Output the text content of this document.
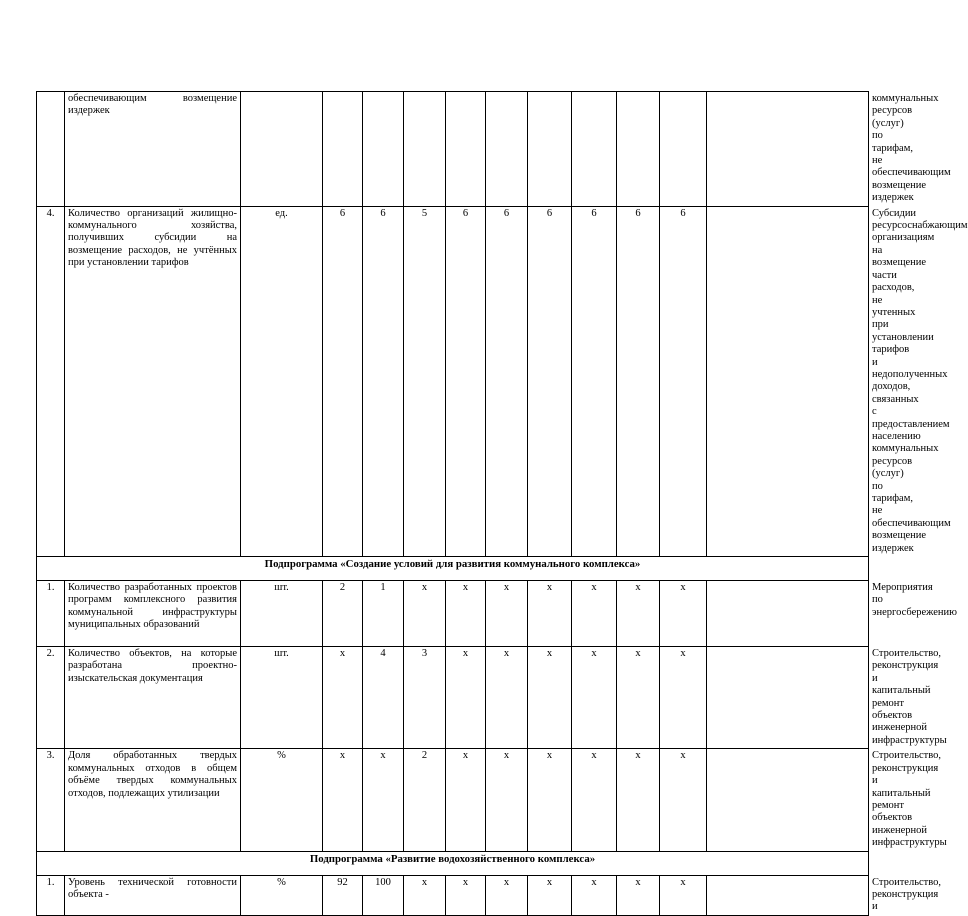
	обеспечивающим возмещение издержек												коммунальных ресурсов (услуг) по тарифам, не обеспечивающим возмещение издержек
4.	Количество организаций жилищно-коммунального хозяйства, получивших субсидии на возмещение расходов, не учтённых при установлении тарифов	ед.	6	6	5	6	6	6	6	6	6		Субсидии ресурсоснабжающим организациям на возмещение части расходов, не учтенных при установлении тарифов и недополученных доходов, связанных с предоставлением населению коммунальных ресурсов (услуг) по тарифам, не обеспечивающим возмещение издержек
Подпрограмма «Создание условий для развития коммунального комплекса»													
1.	Количество разработанных проектов программ комплексного развития коммунальной инфраструктуры муниципальных образований	шт.	2	1	х	х	х	х	х	х	х		Мероприятия по энергосбережению
2.	Количество объектов, на которые разработана проектно-изыскательская документация	шт.	х	4	3	х	х	х	х	х	х		Строительство, реконструкция и капитальный ремонт объектов инженерной инфраструктуры
3.	Доля обработанных твердых коммунальных отходов в общем объёме твердых коммунальных отходов, подлежащих утилизации	%	х	х	2	х	х	х	х	х	х		Строительство, реконструкция и капитальный ремонт объектов инженерной инфраструктуры
Подпрограмма «Развитие водохозяйственного комплекса»													
1.	Уровень технической готовности объекта -	%	92	100	х	х	х	х	х	х	х		Строительство, реконструкция и
